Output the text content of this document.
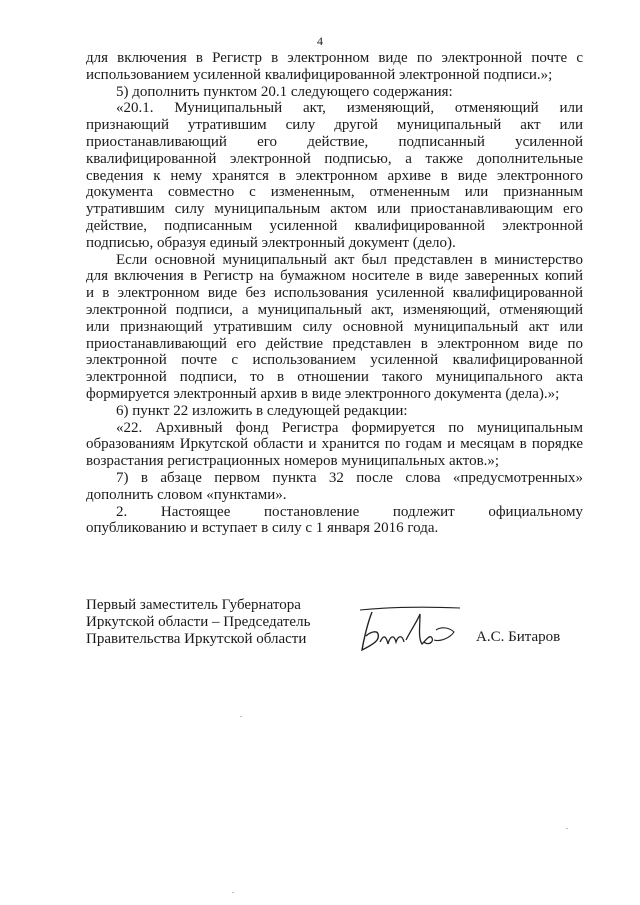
4

для включения в Регистр в электронном виде по электронной почте с

использованием усиленной квалифицированной электронной подписи.»;

5) дополнить пунктом 20.1 следующего содержания:

«20.1. Муниципальный акт, изменяющий, отменяющий или

признающий утратившим силу другой муниципальный акт или

приостанавливающий его действие, подписанный усиленной

квалифицированной электронной подписью, а также дополнительные

сведения к нему хранятся в электронном архиве в виде электронного

документа совместно с измененным, отмененным или признанным

утратившим силу муниципальным актом или приостанавливающим его

действие, подписанным усиленной квалифицированной электронной

подписью, образуя единый электронный документ (дело).

Если основной муниципальный акт был представлен в министерство

для включения в Регистр на бумажном носителе в виде заверенных копий

и в электронном виде без использования усиленной квалифицированной

электронной подписи, а муниципальный акт, изменяющий, отменяющий

или признающий утратившим силу основной муниципальный акт или

приостанавливающий его действие представлен в электронном виде по

электронной почте с использованием усиленной квалифицированной

электронной подписи, то в отношении такого муниципального акта

формируется электронный архив в виде электронного документа (дела).»;

6) пункт 22 изложить в следующей редакции:

«22. Архивный фонд Регистра формируется по муниципальным

образованиям Иркутской области и хранится по годам и месяцам в порядке

возрастания регистрационных номеров муниципальных актов.»;

7) в абзаце первом пункта 32 после слова «предусмотренных»

дополнить словом «пунктами».

2. Настоящее постановление подлежит официальному

опубликованию и вступает в силу с 1 января 2016 года.

Первый заместитель Губернатора
Иркутской области – Председатель
Правительства Иркутской области	А.С. Битаров
